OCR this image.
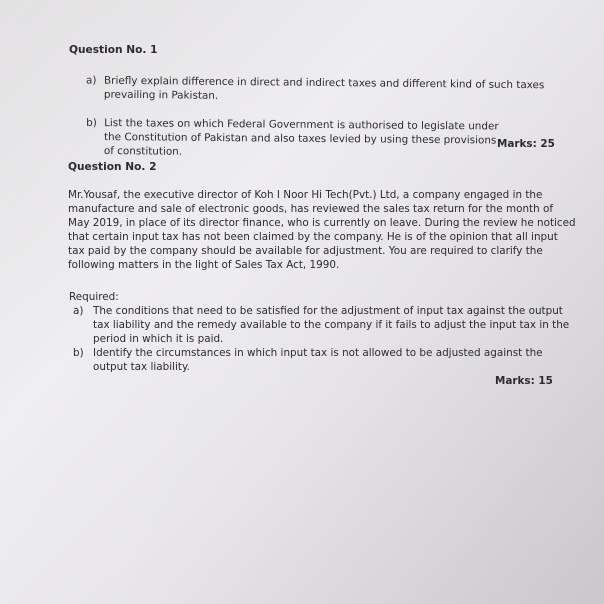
Question No. 1
a) Briefly explain difference in direct and indirect taxes and different kind of such taxes prevailing in Pakistan.

b) List the taxes on which Federal Government is authorised to legislate under the Constitution of Pakistan and also taxes levied by using these provisions of constitution.

Marks: 25
Question No. 2

Mr.Yousaf, the executive director of Koh I Noor Hi Tech(Pvt.) Ltd, a company engaged in the manufacture and sale of electronic goods, has reviewed the sales tax return for the month of May 2019, in place of its director finance, who is currently on leave. During the review he noticed that certain input tax has not been claimed by the company. He is of the opinion that all input tax paid by the company should be available for adjustment. You are required to clarify the following matters in the light of Sales Tax Act, 1990.

Required:
a) The conditions that need to be satisfied for the adjustment of input tax against the output tax liability and the remedy available to the company if it fails to adjust the input tax in the period in which it is paid.

b) Identify the circumstances in which input tax is not allowed to be adjusted against the output tax liability.

Marks: 15
